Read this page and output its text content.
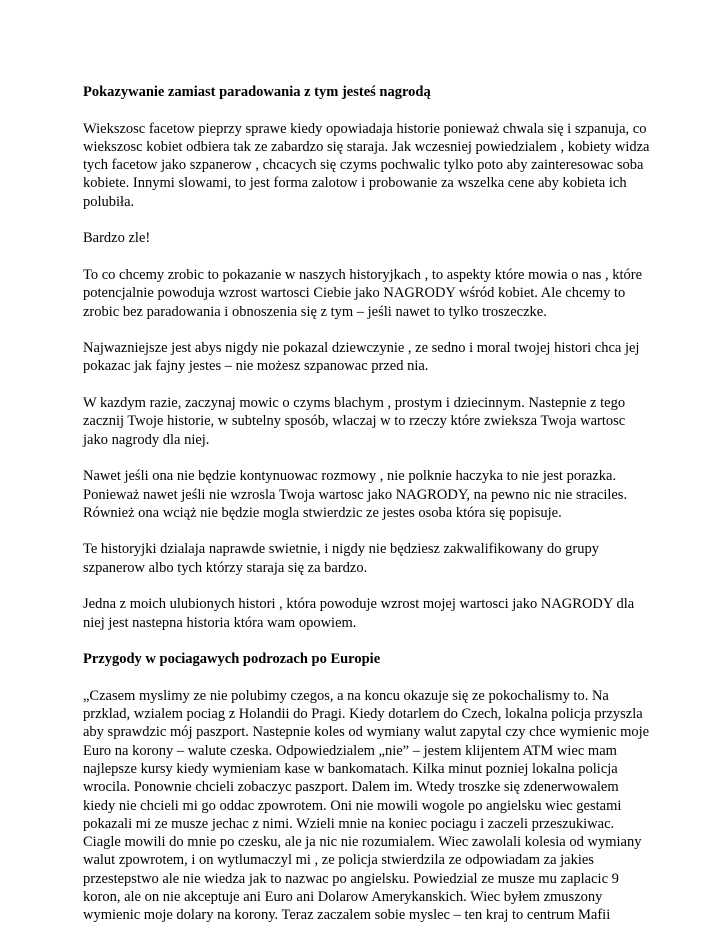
Pokazywanie zamiast paradowania z tym jesteś nagrodą

Wiekszosc facetow pieprzy sprawe kiedy opowiadaja historie ponieważ chwala się i szpanuja, co
wiekszosc kobiet odbiera tak ze zabardzo się staraja. Jak wczesniej powiedzialem , kobiety widza
tych facetow jako szpanerow , chcacych się czyms pochwalic tylko poto aby zainteresowac soba
kobiete. Innymi slowami, to jest forma zalotow i probowanie za wszelka cene aby kobieta ich
polubiła.

Bardzo zle!

To co chcemy zrobic to pokazanie w naszych historyjkach , to aspekty które mowia o nas , które
potencjalnie powoduja wzrost wartosci Ciebie jako NAGRODY wśród kobiet. Ale chcemy to
zrobic bez paradowania i obnoszenia się z tym – jeśli nawet to tylko troszeczke.

Najwazniejsze jest abys nigdy nie pokazal dziewczynie , ze sedno i moral twojej histori chca jej
pokazac jak fajny jestes – nie możesz szpanowac przed nia.

W kazdym razie, zaczynaj mowic o czyms blachym , prostym i dziecinnym. Nastepnie z tego
zacznij Twoje historie, w subtelny sposób, wlaczaj w to rzeczy które zwieksza Twoja wartosc
jako nagrody dla niej.

Nawet jeśli ona nie będzie kontynuowac rozmowy , nie polknie haczyka to nie jest porazka.
Ponieważ nawet jeśli nie wzrosla Twoja wartosc jako NAGRODY, na pewno nic nie straciles.
Również ona wciąż nie będzie mogla stwierdzic ze jestes osoba która się popisuje.

Te historyjki dzialaja naprawde swietnie, i nigdy nie będziesz zakwalifikowany do grupy
szpanerow albo tych którzy staraja się za bardzo.

Jedna z moich ulubionych histori , która powoduje wzrost mojej wartosci jako NAGRODY dla
niej jest nastepna historia która wam opowiem.

Przygody w pociagawych podrozach po Europie

„Czasem myslimy ze nie polubimy czegos, a na koncu okazuje się ze pokochalismy to. Na
przklad, wzialem pociag z Holandii do Pragi. Kiedy dotarlem do Czech, lokalna policja przyszla
aby sprawdzic mój paszport. Nastepnie koles od wymiany walut zapytal czy chce wymienic moje
Euro na korony – walute czeska. Odpowiedzialem „nie” – jestem klijentem ATM wiec mam
najlepsze kursy kiedy wymieniam kase w bankomatach. Kilka minut pozniej lokalna policja
wrocila. Ponownie chcieli zobaczyc paszport. Dalem im. Wtedy troszke się zdenerwowalem
kiedy nie chcieli mi go oddac zpowrotem. Oni nie mowili wogole po angielsku wiec gestami
pokazali mi ze musze jechac z nimi. Wzieli mnie na koniec pociagu i zaczeli przeszukiwac.
Ciagle mowili do mnie po czesku, ale ja nic nie rozumialem. Wiec zawolali kolesia od wymiany
walut zpowrotem, i on wytlumaczyl mi , ze policja stwierdzila ze odpowiadam za jakies
przestepstwo ale nie wiedza jak to nazwac po angielsku. Powiedzial ze musze mu zaplacic 9
koron, ale on nie akceptuje ani Euro ani Dolarow Amerykanskich. Wiec byłem zmuszony
wymienic moje dolary na korony. Teraz zaczalem sobie myslec – ten kraj to centrum Mafii
